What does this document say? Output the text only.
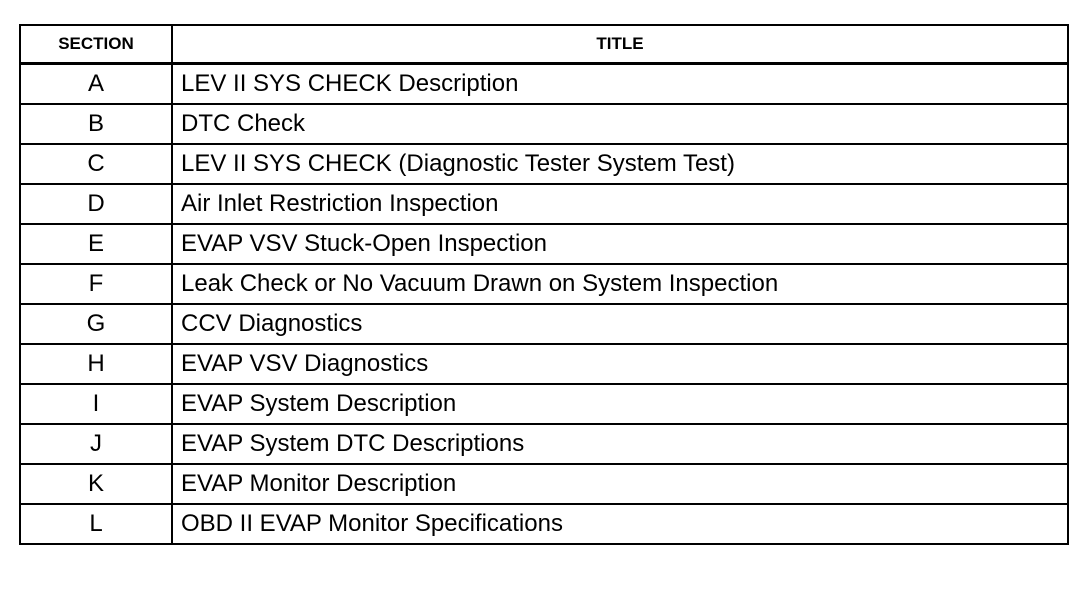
SECTION	TITLE
A	LEV II SYS CHECK Description
B	DTC Check
C	LEV II SYS CHECK (Diagnostic Tester System Test)
D	Air Inlet Restriction Inspection
E	EVAP VSV Stuck-Open Inspection
F	Leak Check or No Vacuum Drawn on System Inspection
G	CCV Diagnostics
H	EVAP VSV Diagnostics
I	EVAP System Description
J	EVAP System DTC Descriptions
K	EVAP Monitor Description
L	OBD II EVAP Monitor Specifications
